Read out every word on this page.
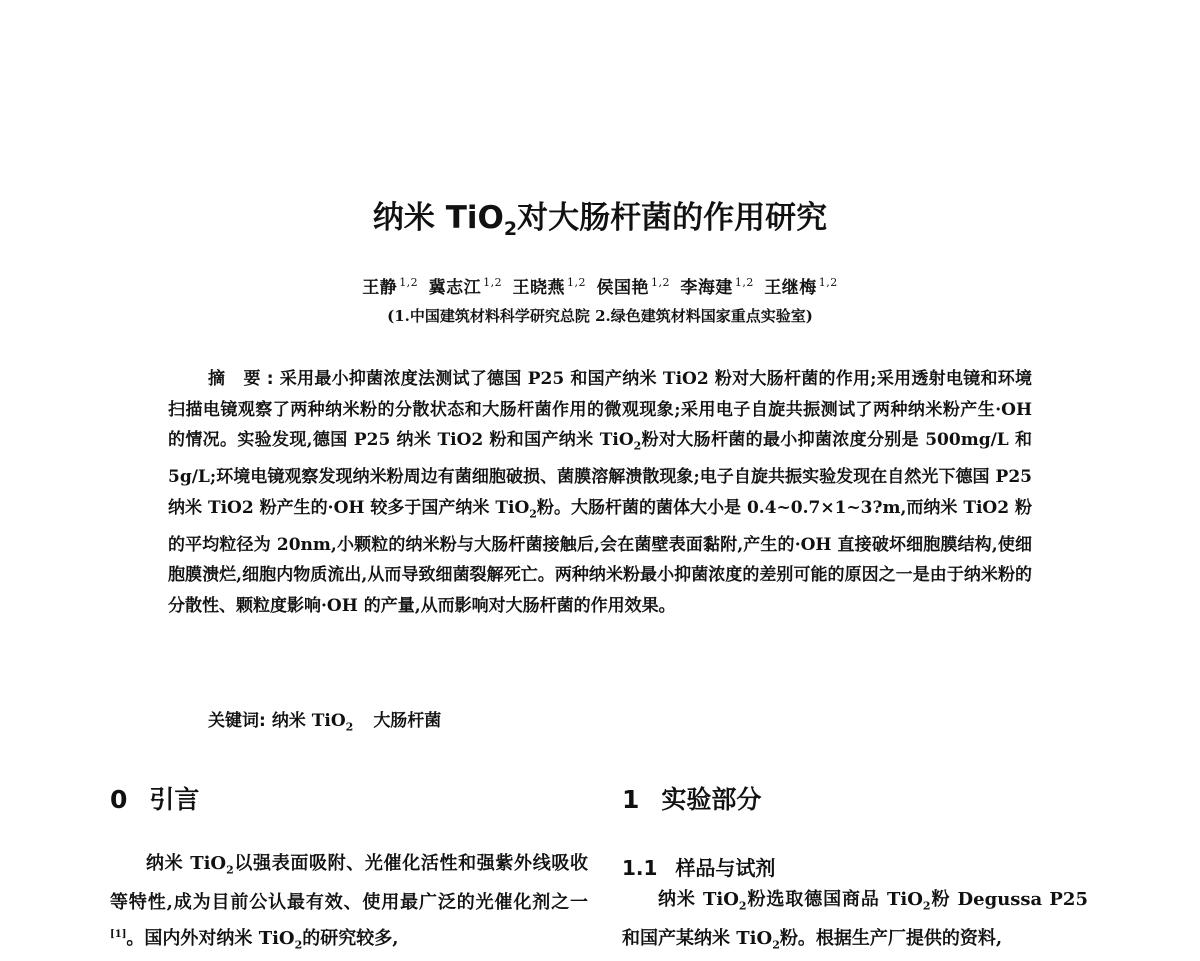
纳米 TiO$_2$对大肠杆菌的作用研究
王静 $^{1,2}$ 冀志江 $^{1,2}$ 王晓燕 $^{1,2}$ 侯国艳 $^{1,2}$ 李海建 $^{1,2}$ 王继梅 $^{1,2}$
(1.中国建筑材料科学研究总院 2.绿色建筑材料国家重点实验室)

摘 要:采用最小抑菌浓度法测试了德国 P25 和国产纳米 TiO2 粉对大肠杆菌的作用;采用透射电镜和环境扫描电镜观察了两种纳米粉的分散状态和大肠杆菌作用的微观现象;采用电子自旋共振测试了两种纳米粉产生·OH 的情况。实验发现,德国 P25 纳米 TiO2 粉和国产纳米 TiO$_2$粉对大肠杆菌的最小抑菌浓度分别是 500mg/L 和 5g/L;环境电镜观察发现纳米粉周边有菌细胞破损、菌膜溶解溃散现象;电子自旋共振实验发现在自然光下德国 P25 纳米 TiO2 粉产生的·OH 较多于国产纳米 TiO$_2$粉。大肠杆菌的菌体大小是 0.4~0.7×1~3?m,而纳米 TiO2 粉的平均粒径为 20nm,小颗粒的纳米粉与大肠杆菌接触后,会在菌壁表面黏附,产生的·OH 直接破坏细胞膜结构,使细胞膜溃烂,细胞内物质流出,从而导致细菌裂解死亡。两种纳米粉最小抑菌浓度的差别可能的原因之一是由于纳米粉的分散性、颗粒度影响·OH 的产量,从而影响对大肠杆菌的作用效果。

关键词: 纳米 TiO$_2$ 大肠杆菌
0 引言	1 实验部分

纳米 TiO$_2$以强表面吸附、光催化活性和强紫外线吸收等特性,成为目前公认最有效、使用最广泛的光催化剂之一[1]。国内外对纳米 TiO$_2$的研究较多,

1.1 样品与试剂

纳米 TiO$_2$粉选取德国商品 TiO$_2$粉 Degussa P25 和国产某纳米 TiO$_2$粉。根据生产厂提供的资料,
